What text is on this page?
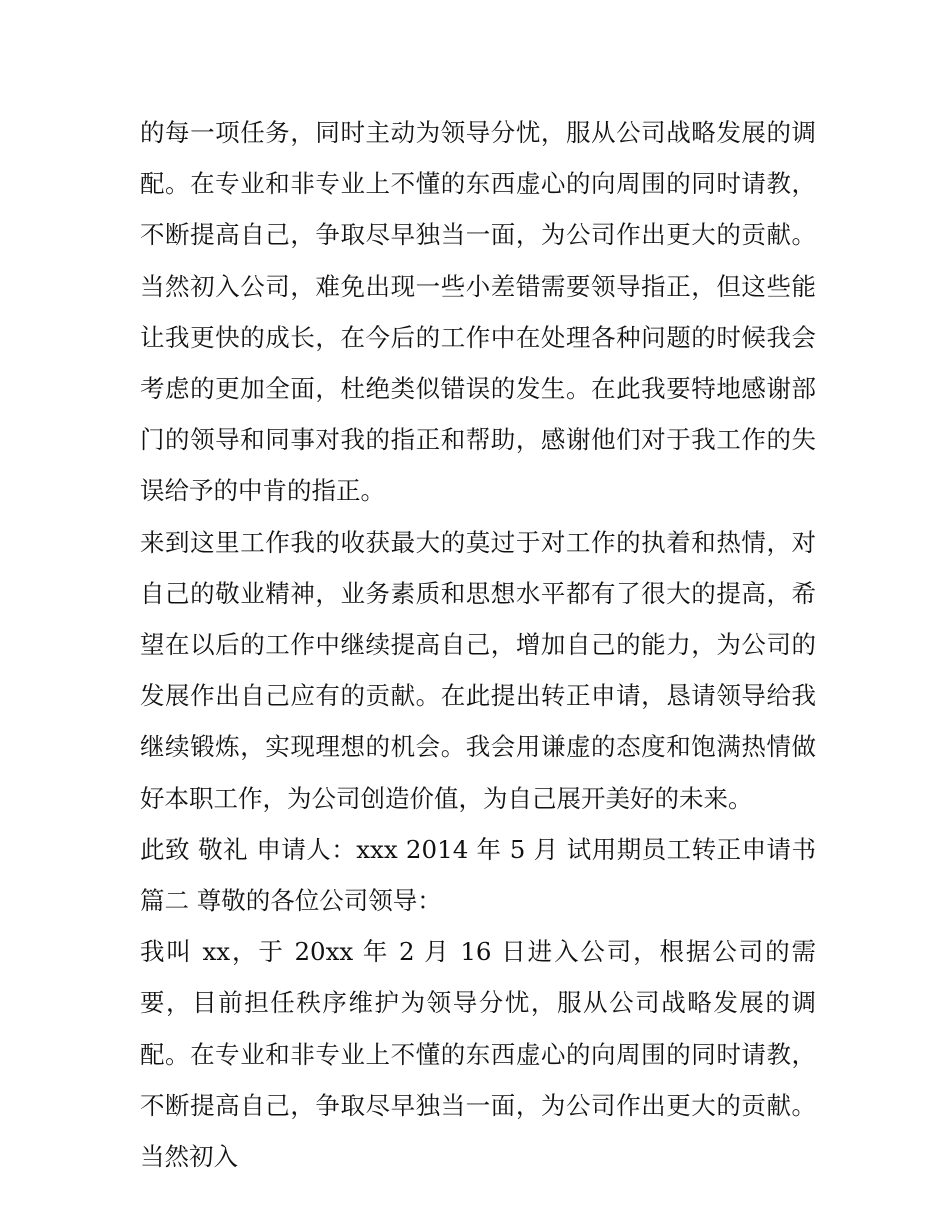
的每一项任务，同时主动为领导分忧，服从公司战略发展的调配。在专业和非专业上不懂的东西虚心的向周围的同时请教，不断提高自己，争取尽早独当一面，为公司作出更大的贡献。当然初入公司，难免出现一些小差错需要领导指正，但这些能让我更快的成长，在今后的工作中在处理各种问题的时候我会考虑的更加全面，杜绝类似错误的发生。在此我要特地感谢部门的领导和同事对我的指正和帮助，感谢他们对于我工作的失误给予的中肯的指正。

来到这里工作我的收获最大的莫过于对工作的执着和热情，对自己的敬业精神，业务素质和思想水平都有了很大的提高，希望在以后的工作中继续提高自己，增加自己的能力，为公司的发展作出自己应有的贡献。在此提出转正申请，恳请领导给我继续锻炼，实现理想的机会。我会用谦虚的态度和饱满热情做好本职工作，为公司创造价值，为自己展开美好的未来。

此致 敬礼 申请人：xxx 2014 年 5 月 试用期员工转正申请书篇二 尊敬的各位公司领导：

我叫 xx，于 20xx 年 2 月 16 日进入公司，根据公司的需要，目前担任秩序维护为领导分忧，服从公司战略发展的调配。在专业和非专业上不懂的东西虚心的向周围的同时请教，不断提高自己，争取尽早独当一面，为公司作出更大的贡献。当然初入
